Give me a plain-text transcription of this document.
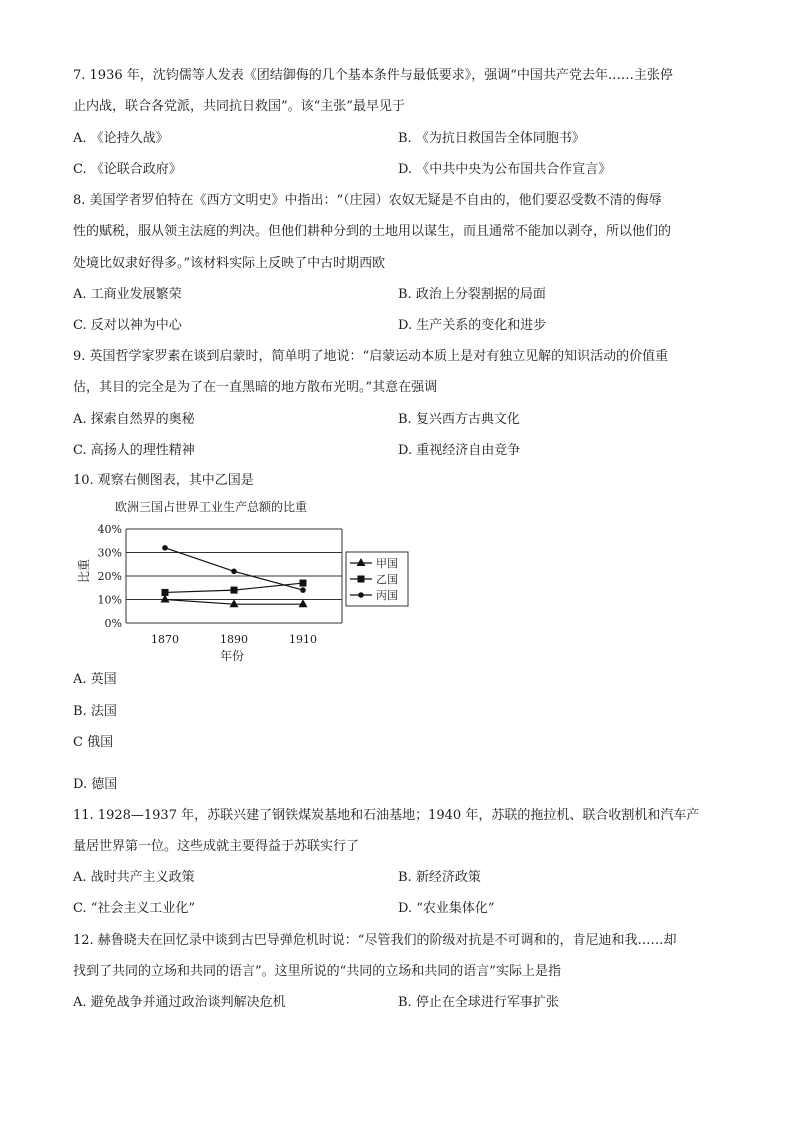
7. 1936 年，沈钧儒等人发表《团结御侮的几个基本条件与最低要求》，强调“中国共产党去年……主张停
止内战，联合各党派，共同抗日救国”。该“主张”最早见于
A. 《论持久战》	B. 《为抗日救国告全体同胞书》
C. 《论联合政府》	D. 《中共中央为公布国共合作宣言》
8. 美国学者罗伯特在《西方文明史》中指出：“（庄园）农奴无疑是不自由的，他们要忍受数不清的侮辱
性的赋税，服从领主法庭的判决。但他们耕种分到的土地用以谋生，而且通常不能加以剥夺，所以他们的
处境比奴隶好得多。”该材料实际上反映了中古时期西欧
A. 工商业发展繁荣	B. 政治上分裂割据的局面
C. 反对以神为中心	D. 生产关系的变化和进步
9. 英国哲学家罗素在谈到启蒙时，简单明了地说：“启蒙运动本质上是对有独立见解的知识活动的价值重
估，其目的完全是为了在一直黑暗的地方散布光明。”其意在强调
A. 探索自然界的奥秘	B. 复兴西方古典文化
C. 高扬人的理性精神	D. 重视经济自由竞争
10. 观察右侧图表，其中乙国是
欧洲三国占世界工业生产总额的比重
0%
10%
20%
30%
40%
比重
1870	1890	1910
年份
甲国
乙国
丙国
A. 英国
B. 法国
C 俄国
D. 德国
11. 1928—1937 年，苏联兴建了钢铁煤炭基地和石油基地；1940 年，苏联的拖拉机、联合收割机和汽车产
量居世界第一位。这些成就主要得益于苏联实行了
A. 战时共产主义政策	B. 新经济政策
C. “社会主义工业化”	D. “农业集体化”
12. 赫鲁晓夫在回忆录中谈到古巴导弹危机时说：“尽管我们的阶级对抗是不可调和的，肯尼迪和我……却
找到了共同的立场和共同的语言”。这里所说的“共同的立场和共同的语言”实际上是指
A. 避免战争并通过政治谈判解决危机	B. 停止在全球进行军事扩张
